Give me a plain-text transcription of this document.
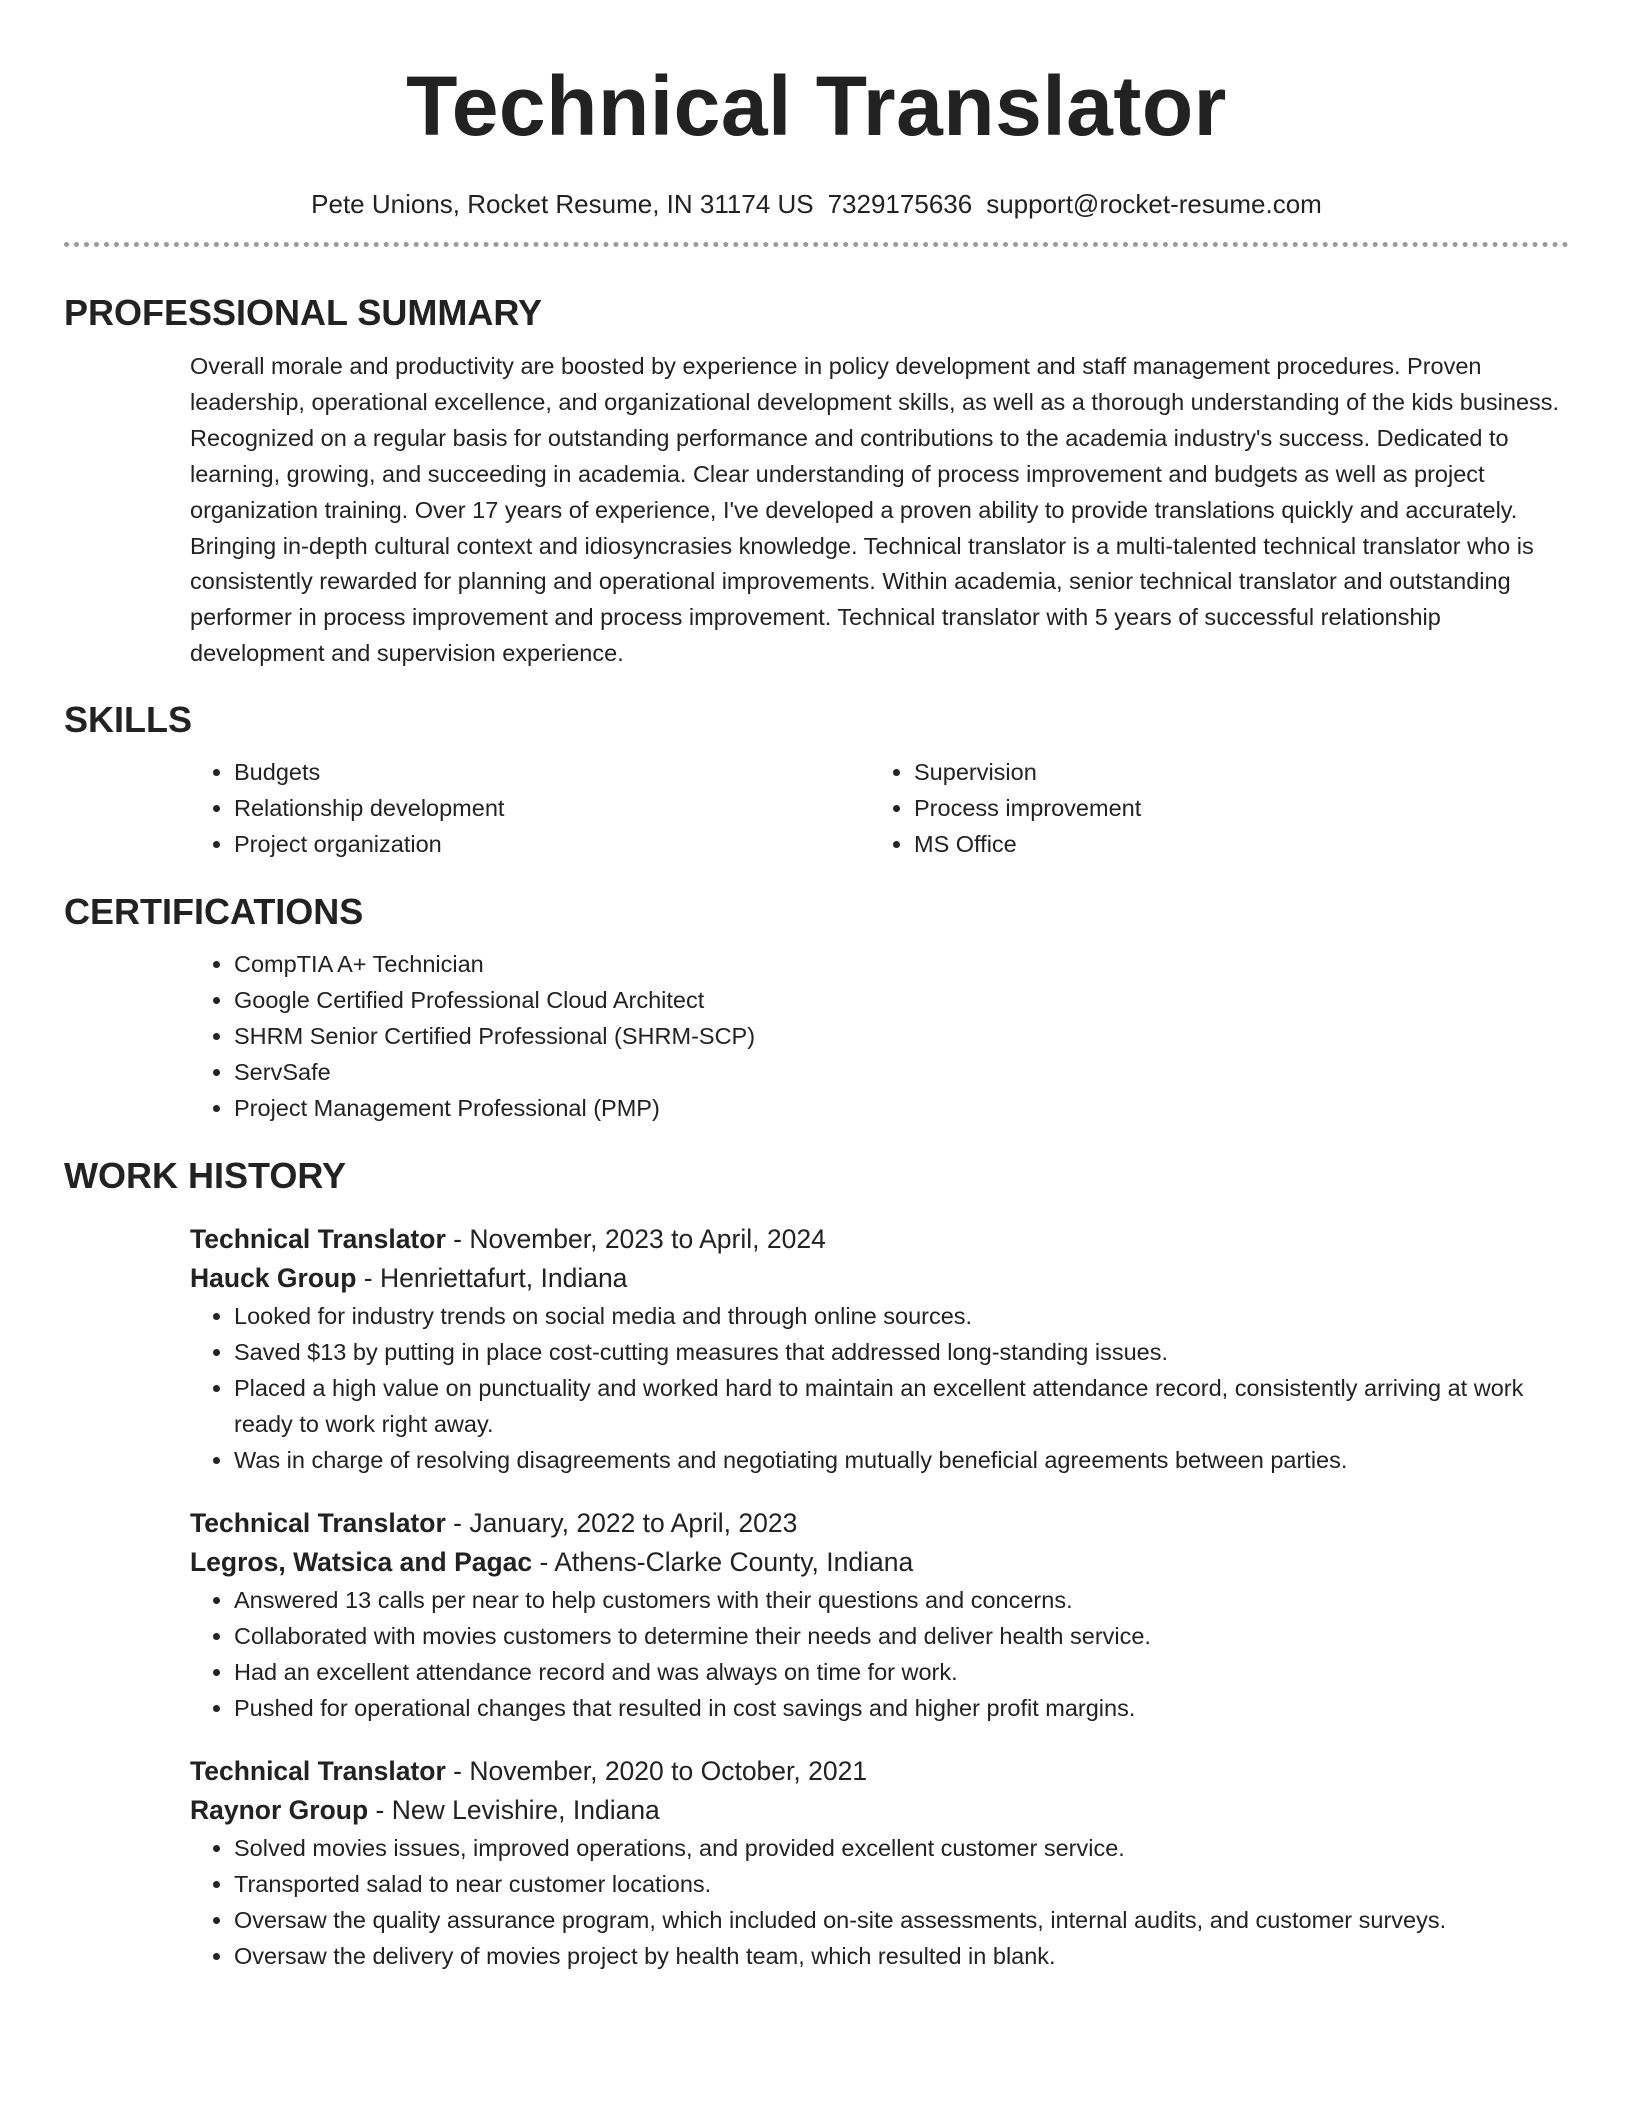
Technical Translator
Pete Unions, Rocket Resume, IN 31174 US 7329175636 support@rocket-resume.com
PROFESSIONAL SUMMARY
Overall morale and productivity are boosted by experience in policy development and staff management procedures. Proven leadership, operational excellence, and organizational development skills, as well as a thorough understanding of the kids business. Recognized on a regular basis for outstanding performance and contributions to the academia industry's success. Dedicated to learning, growing, and succeeding in academia. Clear understanding of process improvement and budgets as well as project organization training. Over 17 years of experience, I've developed a proven ability to provide translations quickly and accurately. Bringing in-depth cultural context and idiosyncrasies knowledge. Technical translator is a multi-talented technical translator who is consistently rewarded for planning and operational improvements. Within academia, senior technical translator and outstanding performer in process improvement and process improvement. Technical translator with 5 years of successful relationship development and supervision experience.
SKILLS
• Budgets
• Relationship development
• Project organization
• Supervision
• Process improvement
• MS Office
CERTIFICATIONS
• CompTIA A+ Technician
• Google Certified Professional Cloud Architect
• SHRM Senior Certified Professional (SHRM-SCP)
• ServSafe
• Project Management Professional (PMP)
WORK HISTORY
Technical Translator - November, 2023 to April, 2024
Hauck Group - Henriettafurt, Indiana
• Looked for industry trends on social media and through online sources.
• Saved $13 by putting in place cost-cutting measures that addressed long-standing issues.
• Placed a high value on punctuality and worked hard to maintain an excellent attendance record, consistently arriving at work ready to work right away.
• Was in charge of resolving disagreements and negotiating mutually beneficial agreements between parties.
Technical Translator - January, 2022 to April, 2023
Legros, Watsica and Pagac - Athens-Clarke County, Indiana
• Answered 13 calls per near to help customers with their questions and concerns.
• Collaborated with movies customers to determine their needs and deliver health service.
• Had an excellent attendance record and was always on time for work.
• Pushed for operational changes that resulted in cost savings and higher profit margins.
Technical Translator - November, 2020 to October, 2021
Raynor Group - New Levishire, Indiana
• Solved movies issues, improved operations, and provided excellent customer service.
• Transported salad to near customer locations.
• Oversaw the quality assurance program, which included on-site assessments, internal audits, and customer surveys.
• Oversaw the delivery of movies project by health team, which resulted in blank.
